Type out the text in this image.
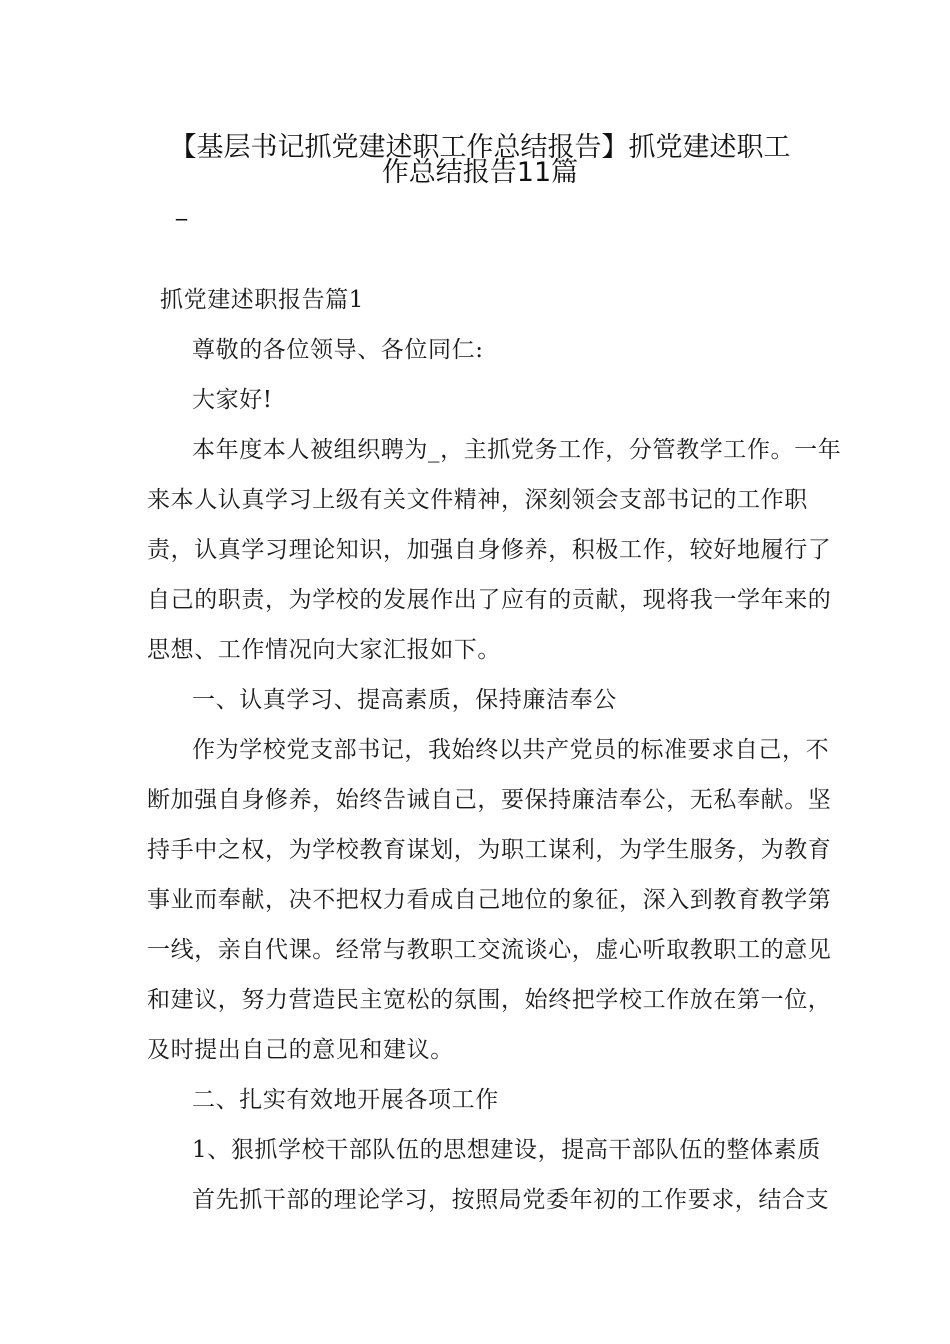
【基层书记抓党建述职工作总结报告】抓党建述职工
作总结报告11篇
_
抓党建述职报告篇1
尊敬的各位领导、各位同仁:
大家好!
本年度本人被组织聘为_，主抓党务工作，分管教学工作。一年
来本人认真学习上级有关文件精神，深刻领会支部书记的工作职
责，认真学习理论知识，加强自身修养，积极工作，较好地履行了
自己的职责，为学校的发展作出了应有的贡献，现将我一学年来的
思想、工作情况向大家汇报如下。
一、认真学习、提高素质，保持廉洁奉公
作为学校党支部书记，我始终以共产党员的标准要求自己，不
断加强自身修养，始终告诫自己，要保持廉洁奉公，无私奉献。坚
持手中之权，为学校教育谋划，为职工谋利，为学生服务，为教育
事业而奉献，决不把权力看成自己地位的象征，深入到教育教学第
一线，亲自代课。经常与教职工交流谈心，虚心听取教职工的意见
和建议，努力营造民主宽松的氛围，始终把学校工作放在第一位，
及时提出自己的意见和建议。
二、扎实有效地开展各项工作
1、狠抓学校干部队伍的思想建设，提高干部队伍的整体素质
首先抓干部的理论学习，按照局党委年初的工作要求，结合支
